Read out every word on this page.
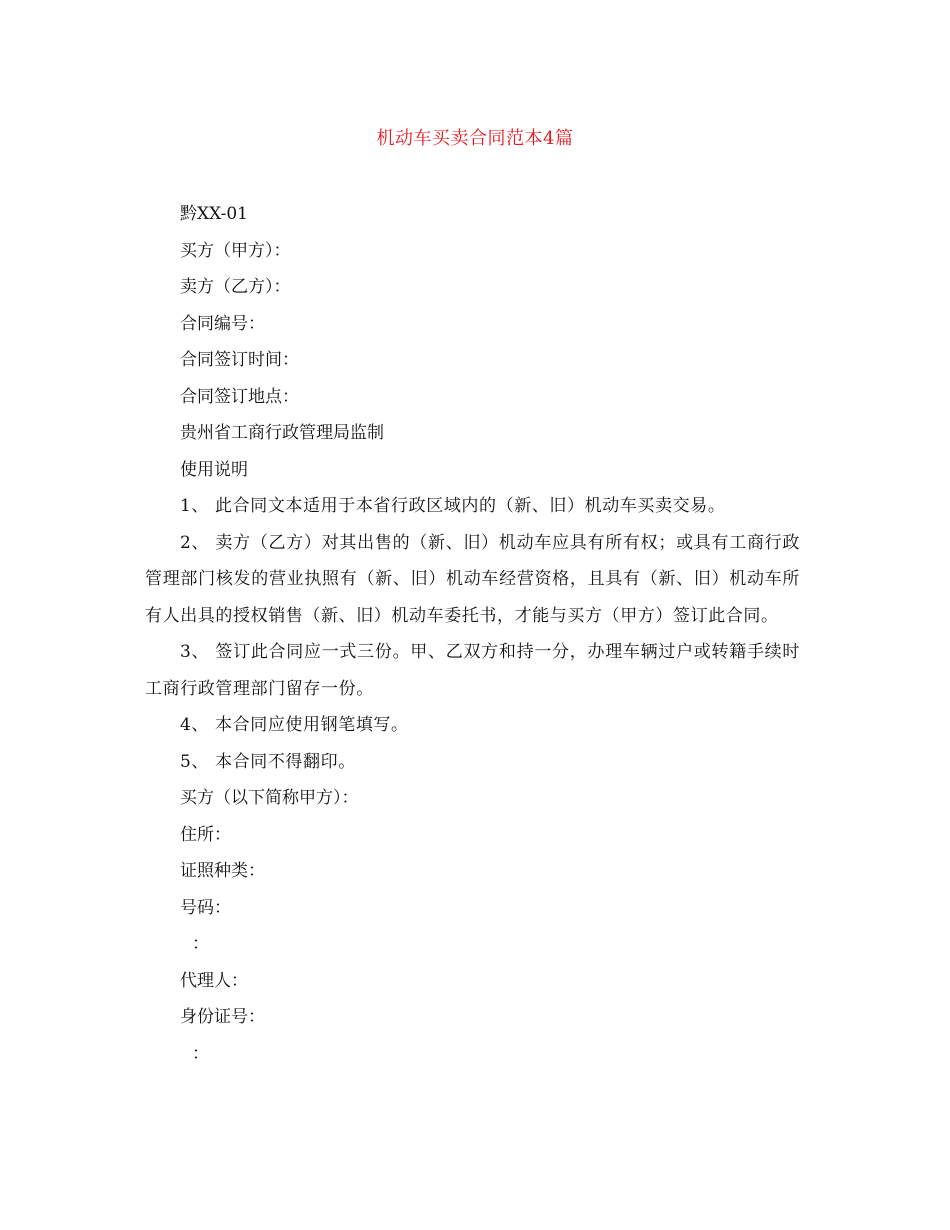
机动车买卖合同范本4篇
黔XX-01
买方（甲方）：
卖方（乙方）：
合同编号：
合同签订时间：
合同签订地点：
贵州省工商行政管理局监制
使用说明
1、 此合同文本适用于本省行政区域内的（新、旧）机动车买卖交易。
2、 卖方（乙方）对其出售的（新、旧）机动车应具有所有权；或具有工商行政管理部门核发的营业执照有（新、旧）机动车经营资格，且具有（新、旧）机动车所有人出具的授权销售（新、旧）机动车委托书，才能与买方（甲方）签订此合同。
3、 签订此合同应一式三份。甲、乙双方和持一分，办理车辆过户或转籍手续时工商行政管理部门留存一份。
4、 本合同应使用钢笔填写。
5、 本合同不得翻印。
买方（以下简称甲方）：
住所：
证照种类：
号码：
：
代理人：
身份证号：
：
